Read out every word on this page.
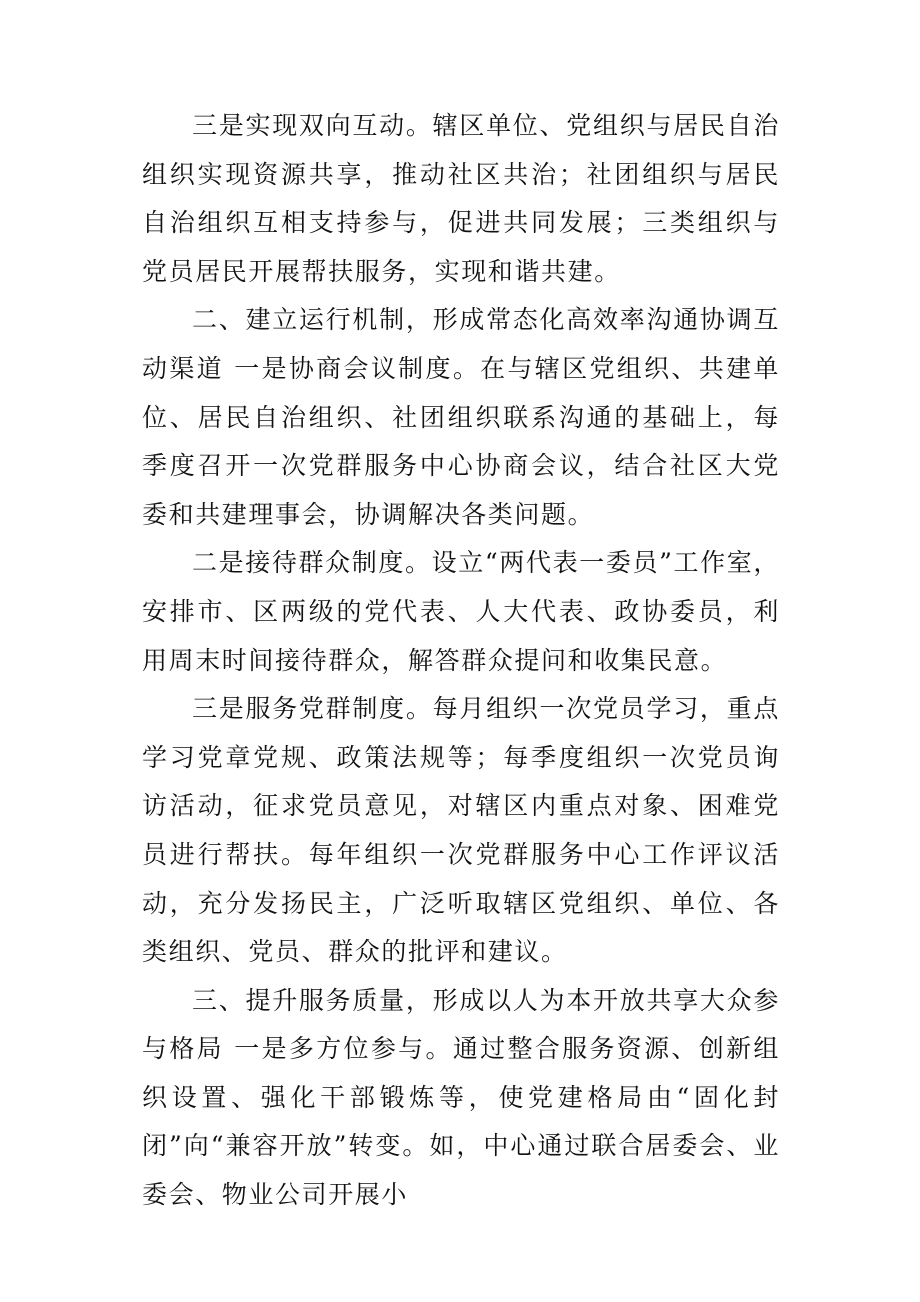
三是实现双向互动。辖区单位、党组织与居民自治组织实现资源共享，推动社区共治；社团组织与居民自治组织互相支持参与，促进共同发展；三类组织与党员居民开展帮扶服务，实现和谐共建。

二、建立运行机制，形成常态化高效率沟通协调互动渠道 一是协商会议制度。在与辖区党组织、共建单位、居民自治组织、社团组织联系沟通的基础上，每季度召开一次党群服务中心协商会议，结合社区大党委和共建理事会，协调解决各类问题。

二是接待群众制度。设立“两代表一委员”工作室，安排市、区两级的党代表、人大代表、政协委员，利用周末时间接待群众，解答群众提问和收集民意。

三是服务党群制度。每月组织一次党员学习，重点学习党章党规、政策法规等；每季度组织一次党员询访活动，征求党员意见，对辖区内重点对象、困难党员进行帮扶。每年组织一次党群服务中心工作评议活动，充分发扬民主，广泛听取辖区党组织、单位、各类组织、党员、群众的批评和建议。

三、提升服务质量，形成以人为本开放共享大众参与格局 一是多方位参与。通过整合服务资源、创新组织设置、强化干部锻炼等，使党建格局由“固化封闭”向“兼容开放”转变。如，中心通过联合居委会、业委会、物业公司开展小
